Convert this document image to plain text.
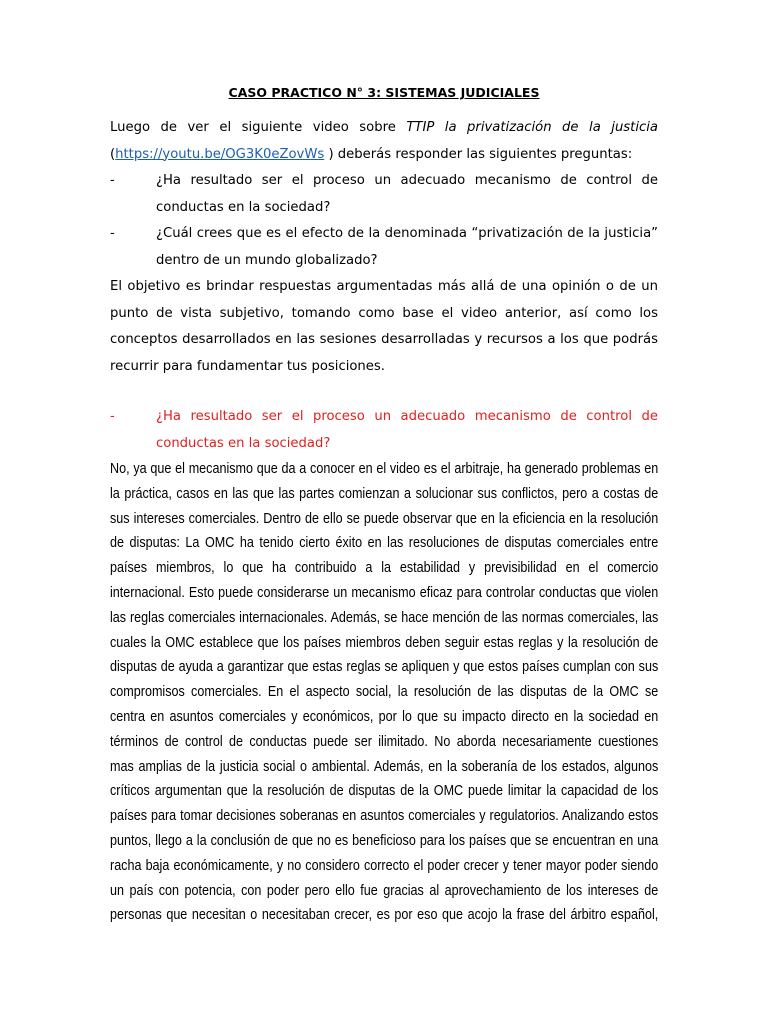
CASO PRACTICO N° 3: SISTEMAS JUDICIALES

Luego de ver el siguiente video sobre TTIP la privatización de la justicia (https://youtu.be/OG3K0eZovWs ) deberás responder las siguientes preguntas:

-	¿Ha resultado ser el proceso un adecuado mecanismo de control de conductas en la sociedad?
-	¿Cuál crees que es el efecto de la denominada “privatización de la justicia” dentro de un mundo globalizado?

El objetivo es brindar respuestas argumentadas más allá de una opinión o de un punto de vista subjetivo, tomando como base el video anterior, así como los conceptos desarrollados en las sesiones desarrolladas y recursos a los que podrás recurrir para fundamentar tus posiciones.

-	¿Ha resultado ser el proceso un adecuado mecanismo de control de conductas en la sociedad?
No, ya que el mecanismo que da a conocer en el video es el arbitraje, ha generado problemas en
la práctica, casos en las que las partes comienzan a solucionar sus conflictos, pero a costas de
sus intereses comerciales. Dentro de ello se puede observar que en la eficiencia en la resolución
de disputas: La OMC ha tenido cierto éxito en las resoluciones de disputas comerciales entre
países miembros, lo que ha contribuido a la estabilidad y previsibilidad en el comercio
internacional. Esto puede considerarse un mecanismo eficaz para controlar conductas que violen
las reglas comerciales internacionales. Además, se hace mención de las normas comerciales, las
cuales la OMC establece que los países miembros deben seguir estas reglas y la resolución de
disputas de ayuda a garantizar que estas reglas se apliquen y que estos países cumplan con sus
compromisos comerciales. En el aspecto social, la resolución de las disputas de la OMC se
centra en asuntos comerciales y económicos, por lo que su impacto directo en la sociedad en
términos de control de conductas puede ser ilimitado. No aborda necesariamente cuestiones
mas amplias de la justicia social o ambiental. Además, en la soberanía de los estados, algunos
críticos argumentan que la resolución de disputas de la OMC puede limitar la capacidad de los
países para tomar decisiones soberanas en asuntos comerciales y regulatorios. Analizando estos
puntos, llego a la conclusión de que no es beneficioso para los países que se encuentran en una
racha baja económicamente, y no considero correcto el poder crecer y tener mayor poder siendo
un país con potencia, con poder pero ello fue gracias al aprovechamiento de los intereses de
personas que necesitan o necesitaban crecer, es por eso que acojo la frase del árbitro español,
